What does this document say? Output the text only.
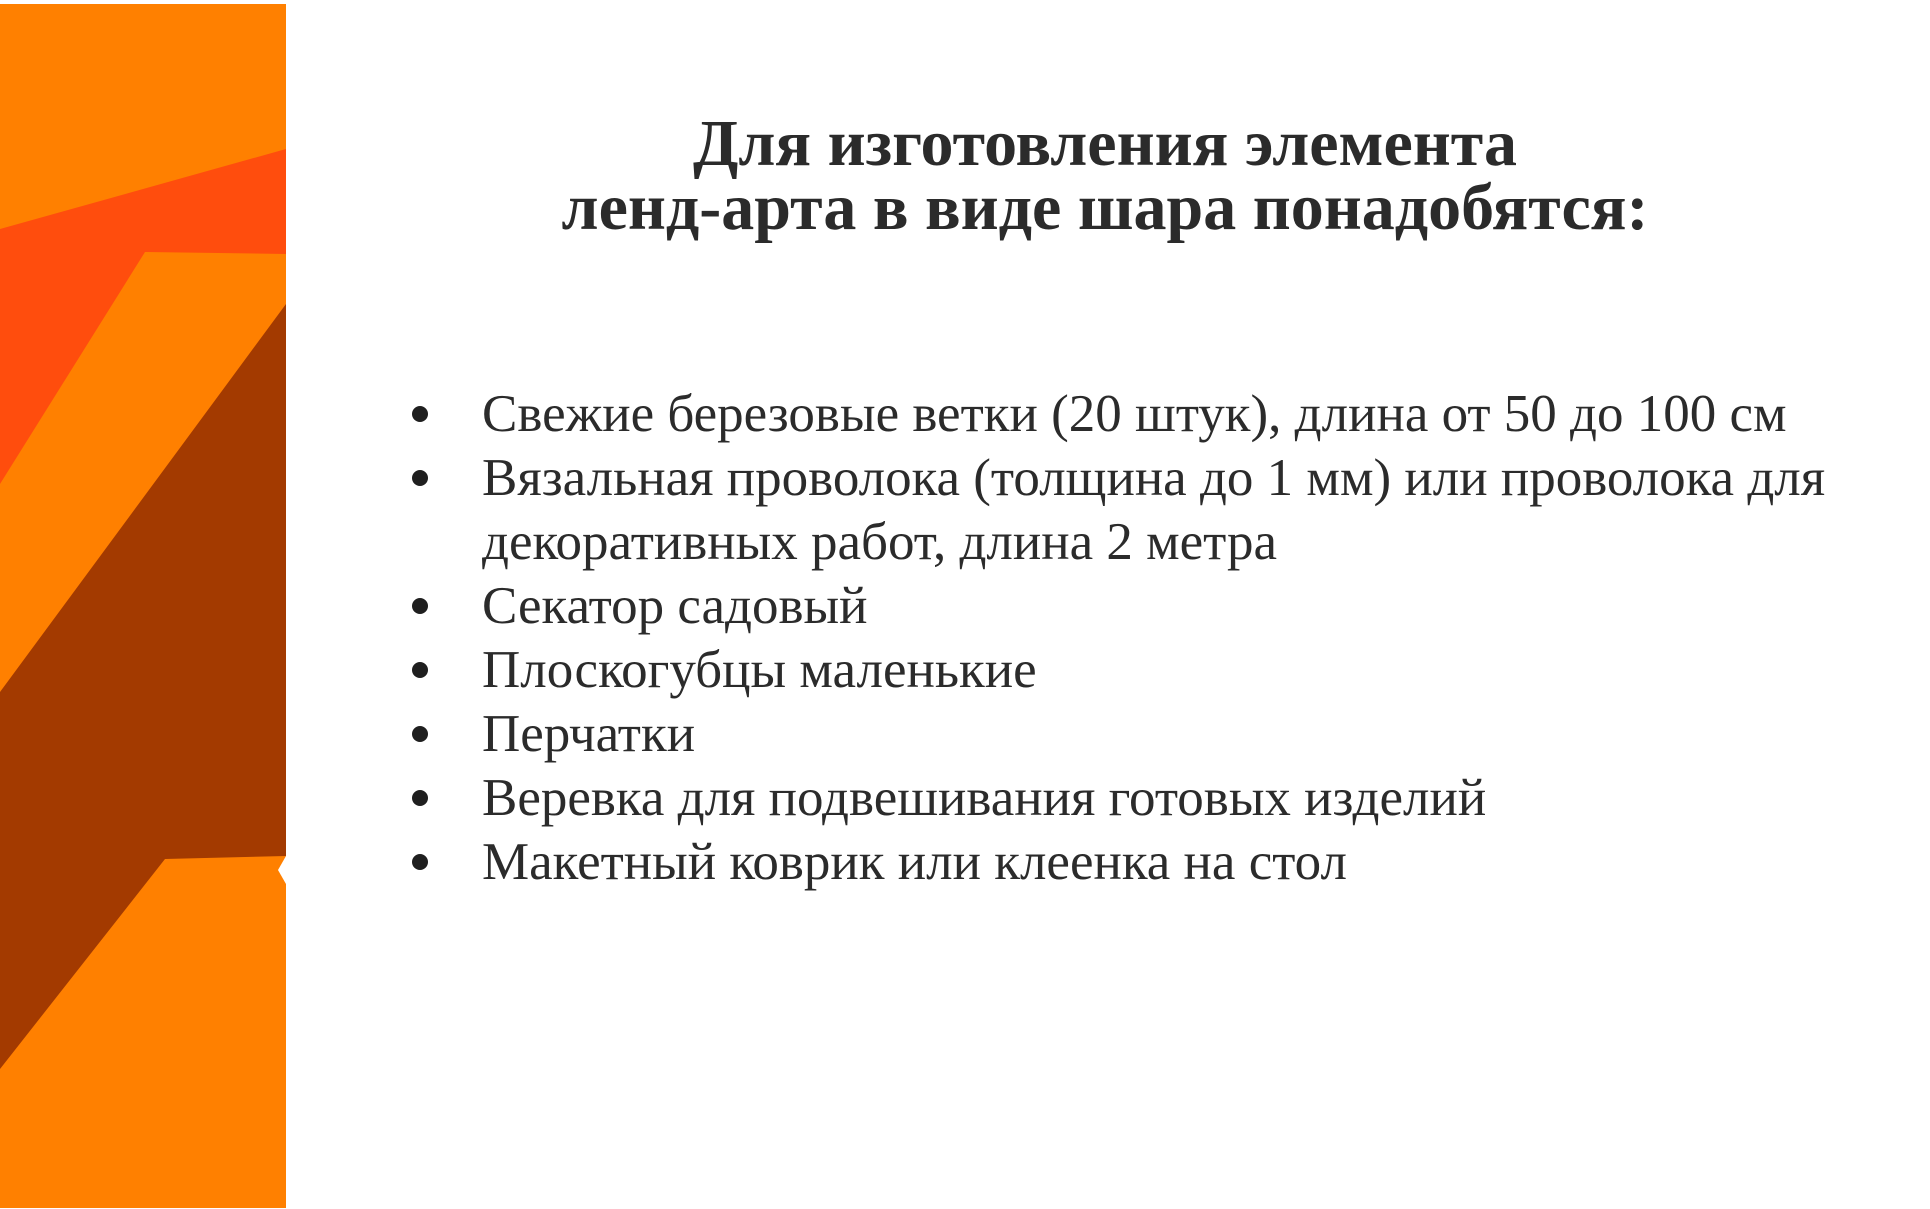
Для изготовления элемента
ленд-арта в виде шара понадобятся:
Свежие березовые ветки (20 штук), длина от 50 до 100 см
Вязальная проволока (толщина до 1 мм) или проволока для декоративных работ, длина 2 метра
Секатор садовый
Плоскогубцы маленькие
Перчатки
Веревка для подвешивания готовых изделий
Макетный коврик или клеенка на стол
